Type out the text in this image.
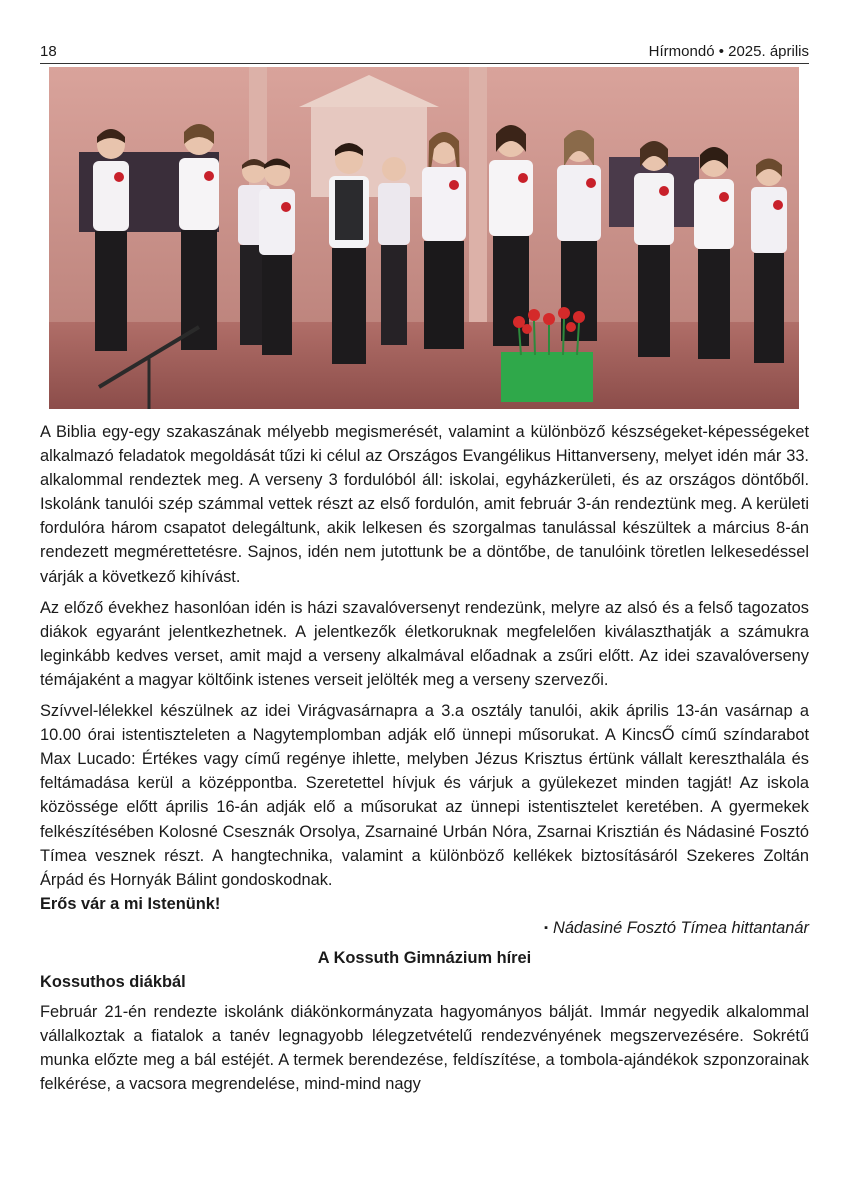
18	Hírmondó • 2025. április

A Biblia egy-egy szakaszának mélyebb megismerését, valamint a különböző készségeket-képességeket alkalmazó feladatok megoldását tűzi ki célul az Országos Evangélikus Hittanverseny, melyet idén már 33. alkalommal rendeztek meg. A verseny 3 fordulóból áll: iskolai, egyházkerületi, és az országos döntőből. Iskolánk tanulói szép számmal vettek részt az első fordulón, amit február 3-án rendeztünk meg. A kerületi fordulóra három csapatot delegáltunk, akik lelkesen és szorgalmas tanulással készültek a március 8-án rendezett megmérettetésre. Sajnos, idén nem jutottunk be a döntőbe, de tanulóink töretlen lelkesedéssel várják a következő kihívást.

Az előző évekhez hasonlóan idén is házi szavalóversenyt rendezünk, melyre az alsó és a felső tagozatos diákok egyaránt jelentkezhetnek. A jelentkezők életkoruknak megfelelően kiválaszthatják a számukra leginkább kedves verset, amit majd a verseny alkalmával előadnak a zsűri előtt. Az idei szavalóverseny témájaként a magyar költőink istenes verseit jelölték meg a verseny szervezői.

Szívvel-lélekkel készülnek az idei Virágvasárnapra a 3.a osztály tanulói, akik április 13-án vasárnap a 10.00 órai istentiszteleten a Nagytemplomban adják elő ünnepi műsorukat. A KincsŐ című színdarabot Max Lucado: Értékes vagy című regénye ihlette, melyben Jézus Krisztus értünk vállalt kereszthalála és feltámadása kerül a középpontba. Szeretettel hívjuk és várjuk a gyülekezet minden tagját! Az iskola közössége előtt április 16-án adják elő a műsorukat az ünnepi istentisztelet keretében. A gyermekek felkészítésében Kolosné Csesznák Orsolya, Zsarnainé Urbán Nóra, Zsarnai Krisztián és Nádasiné Fosztó Tímea vesznek részt. A hangtechnika, valamint a különböző kellékek biztosításáról Szekeres Zoltán Árpád és Hornyák Bálint gondoskodnak.

Erős vár a mi Istenünk!
▪ Nádasiné Fosztó Tímea hittantanár
A Kossuth Gimnázium hírei
Kossuthos diákbál

Február 21-én rendezte iskolánk diákönkormányzata hagyományos bálját. Immár negyedik alkalommal vállalkoztak a fiatalok a tanév legnagyobb lélegzetvételű rendezvényének megszervezésére. Sokrétű munka előzte meg a bál estéjét. A termek berendezése, feldíszítése, a tombola-ajándékok szponzorainak felkérése, a vacsora megrendelése, mind-mind nagy
